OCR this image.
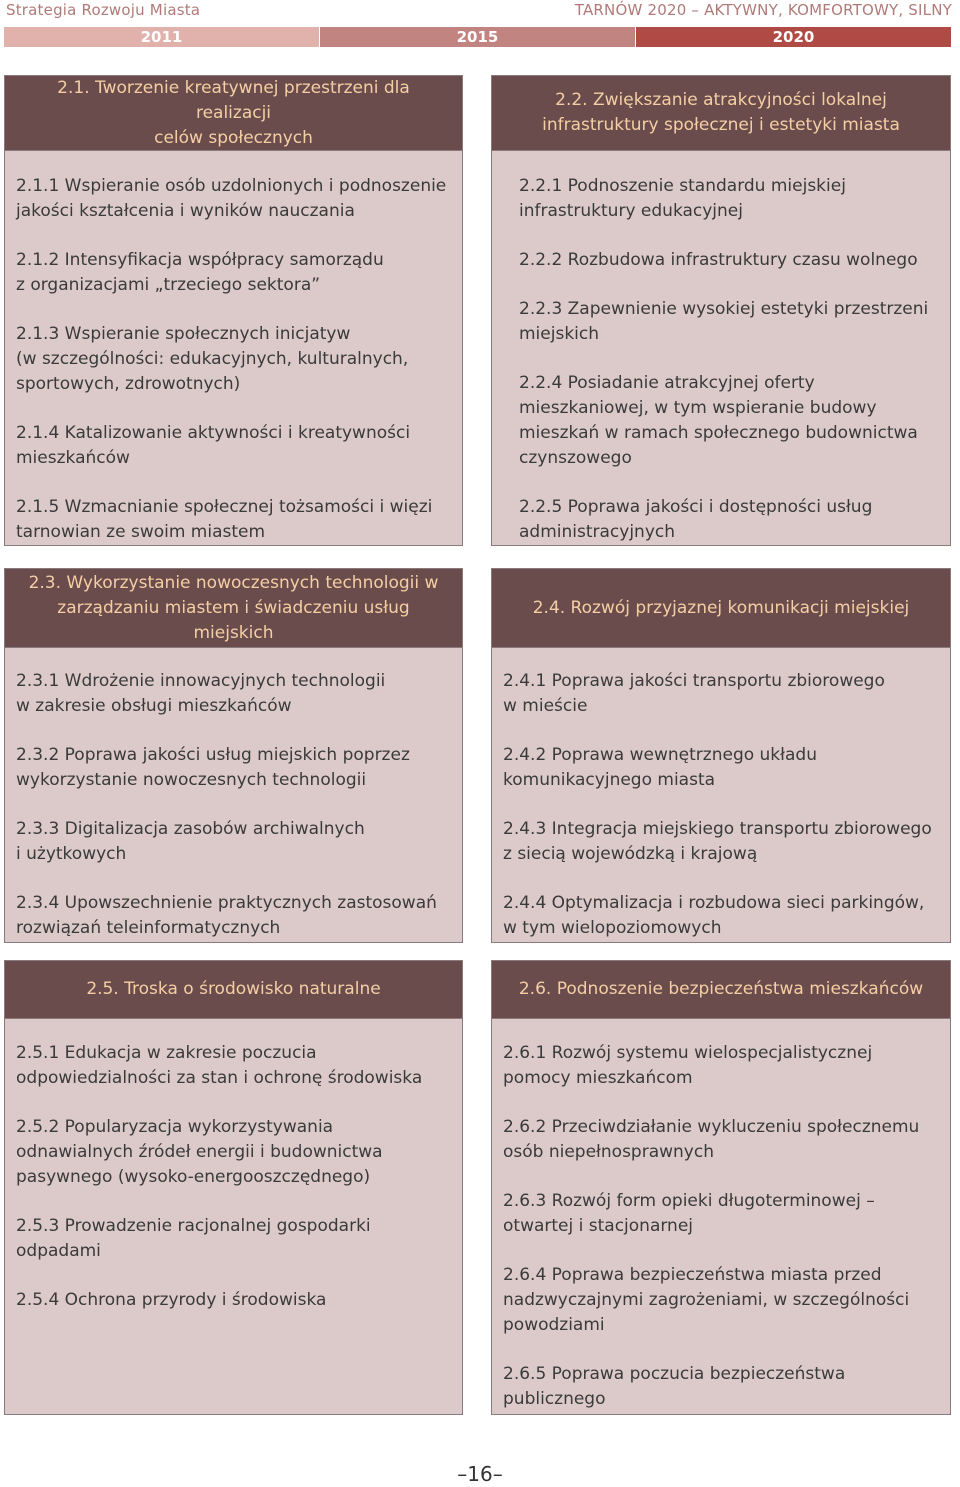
Strategia Rozwoju Miasta	TARNÓW 2020 – AKTYWNY, KOMFORTOWY, SILNY
2011	2015	2020
2.1. Tworzenie kreatywnej przestrzeni dla realizacji
celów społecznych
2.2. Zwiększanie atrakcyjności lokalnej
infrastruktury społecznej i estetyki miasta
2.1.1 Wspieranie osób uzdolnionych i podnoszenie
jakości kształcenia i wyników nauczania
2.1.2 Intensyfikacja współpracy samorządu
z organizacjami „trzeciego sektora”
2.1.3 Wspieranie społecznych inicjatyw
(w szczególności: edukacyjnych, kulturalnych,
sportowych, zdrowotnych)
2.1.4 Katalizowanie aktywności i kreatywności
mieszkańców
2.1.5 Wzmacnianie społecznej tożsamości i więzi
tarnowian ze swoim miastem
2.2.1 Podnoszenie standardu miejskiej
infrastruktury edukacyjnej
2.2.2 Rozbudowa infrastruktury czasu wolnego
2.2.3 Zapewnienie wysokiej estetyki przestrzeni
miejskich
2.2.4 Posiadanie atrakcyjnej oferty
mieszkaniowej, w tym wspieranie budowy
mieszkań w ramach społecznego budownictwa
czynszowego
2.2.5 Poprawa jakości i dostępności usług
administracyjnych
2.3. Wykorzystanie nowoczesnych technologii w
zarządzaniu miastem i świadczeniu usług miejskich
2.4. Rozwój przyjaznej komunikacji miejskiej
2.3.1 Wdrożenie innowacyjnych technologii
w zakresie obsługi mieszkańców
2.3.2 Poprawa jakości usług miejskich poprzez
wykorzystanie nowoczesnych technologii
2.3.3 Digitalizacja zasobów archiwalnych
i użytkowych
2.3.4 Upowszechnienie praktycznych zastosowań
rozwiązań teleinformatycznych
2.4.1 Poprawa jakości transportu zbiorowego
w mieście
2.4.2 Poprawa wewnętrznego układu
komunikacyjnego miasta
2.4.3 Integracja miejskiego transportu zbiorowego
z siecią wojewódzką i krajową
2.4.4 Optymalizacja i rozbudowa sieci parkingów,
w tym wielopoziomowych
2.5. Troska o środowisko naturalne	2.6. Podnoszenie bezpieczeństwa mieszkańców
2.5.1 Edukacja w zakresie poczucia
odpowiedzialności za stan i ochronę środowiska
2.5.2 Popularyzacja wykorzystywania
odnawialnych źródeł energii i budownictwa
pasywnego (wysoko-energooszczędnego)
2.5.3 Prowadzenie racjonalnej gospodarki
odpadami
2.5.4 Ochrona przyrody i środowiska
2.6.1 Rozwój systemu wielospecjalistycznej
pomocy mieszkańcom
2.6.2 Przeciwdziałanie wykluczeniu społecznemu
osób niepełnosprawnych
2.6.3 Rozwój form opieki długoterminowej –
otwartej i stacjonarnej
2.6.4 Poprawa bezpieczeństwa miasta przed
nadzwyczajnymi zagrożeniami, w szczególności
powodziami
2.6.5 Poprawa poczucia bezpieczeństwa
publicznego
–16–
